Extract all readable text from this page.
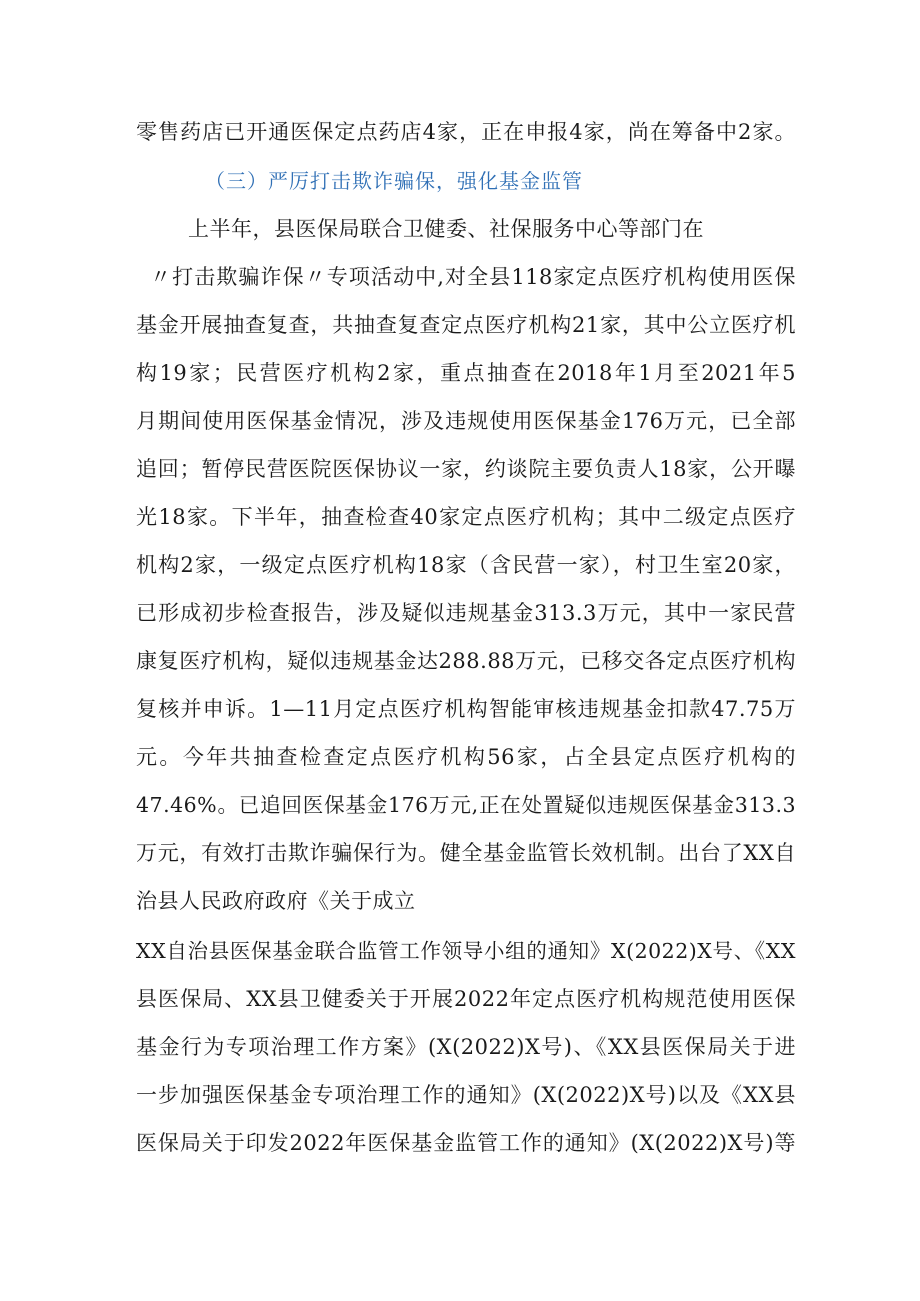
零售药店已开通医保定点药店4家，正在申报4家，尚在筹备中2家。
（三）严厉打击欺诈骗保，强化基金监管
上半年，县医保局联合卫健委、社保服务中心等部门在
〃打击欺骗诈保〃专项活动中,对全县118家定点医疗机构使用医保
基金开展抽查复查，共抽查复查定点医疗机构21家，其中公立医疗机
构19家；民营医疗机构2家，重点抽查在2018年1月至2021年5
月期间使用医保基金情况，涉及违规使用医保基金176万元，已全部
追回；暂停民营医院医保协议一家，约谈院主要负责人18家，公开曝
光18家。下半年，抽查检查40家定点医疗机构；其中二级定点医疗
机构2家，一级定点医疗机构18家（含民营一家），村卫生室20家，
已形成初步检查报告，涉及疑似违规基金313.3万元，其中一家民营
康复医疗机构，疑似违规基金达288.88万元，已移交各定点医疗机构
复核并申诉。1—11月定点医疗机构智能审核违规基金扣款47.75万
元。今年共抽查检查定点医疗机构56家，占全县定点医疗机构的
47.46%。已追回医保基金176万元,正在处置疑似违规医保基金313.3
万元，有效打击欺诈骗保行为。健全基金监管长效机制。出台了XX自
治县人民政府政府《关于成立
XX自治县医保基金联合监管工作领导小组的通知》X(2022)X号、《XX
县医保局、XX县卫健委关于开展2022年定点医疗机构规范使用医保
基金行为专项治理工作方案》(X(2022)X号)、《XX县医保局关于进
一步加强医保基金专项治理工作的通知》(X(2022)X号)以及《XX县
医保局关于印发2022年医保基金监管工作的通知》(X(2022)X号)等
